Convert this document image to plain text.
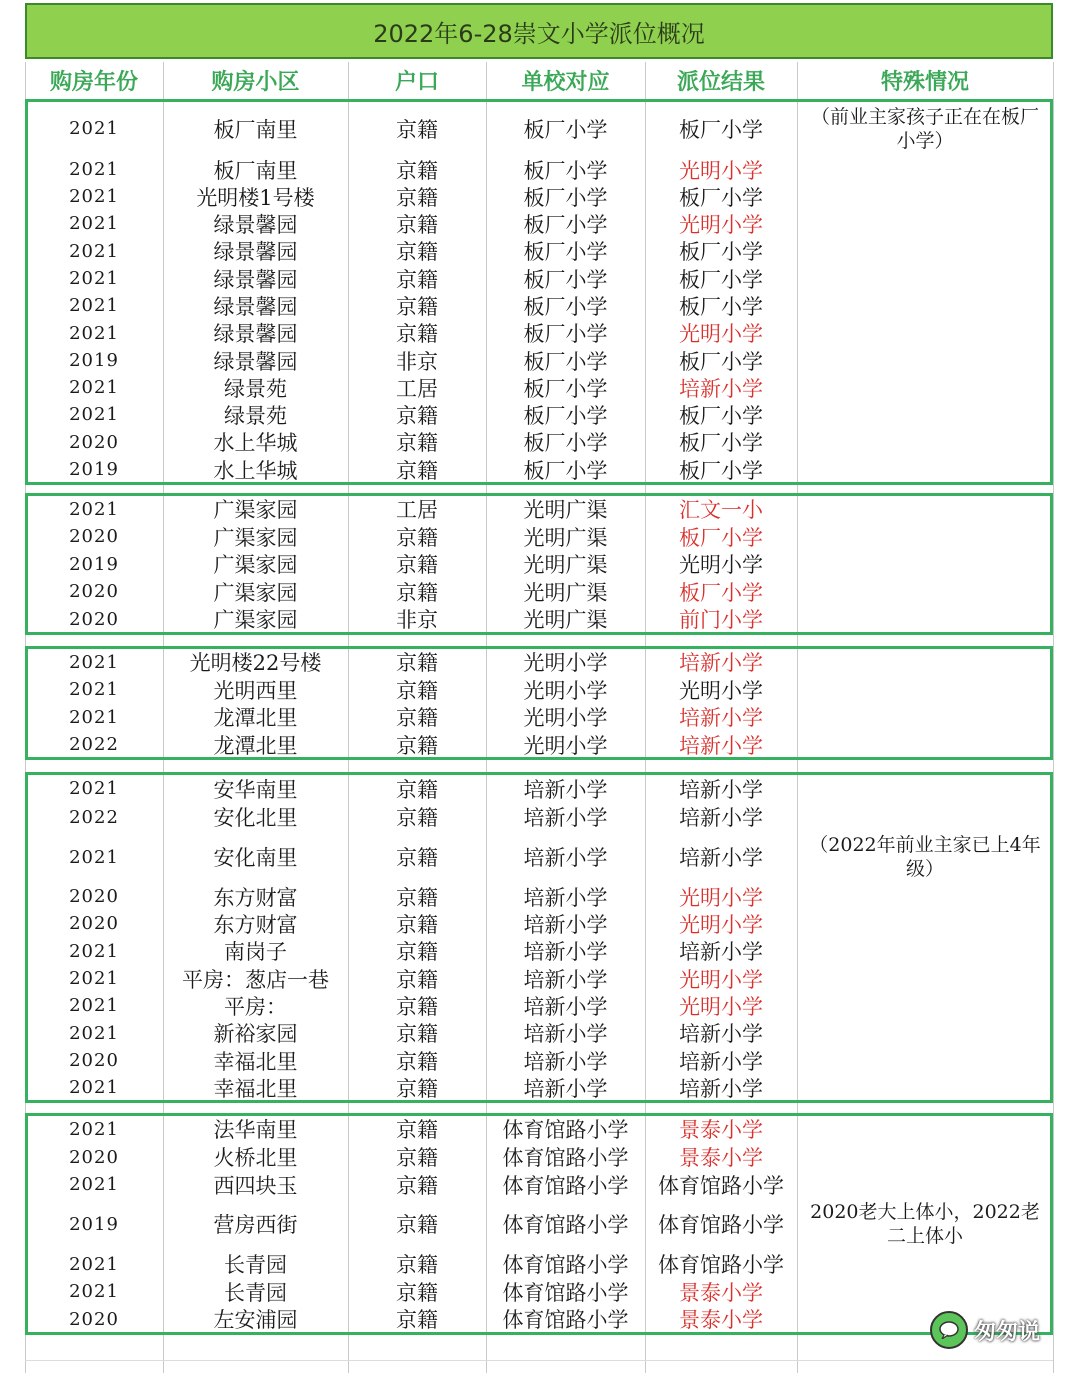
2022年6-28崇文小学派位概况
购房年份	购房小区	户口	单校对应	派位结果	特殊情况
2021	板厂南里	京籍	板厂小学	板厂小学
（前业主家孩子正在在板厂小学）
2021	板厂南里	京籍	板厂小学	光明小学
2021	光明楼1号楼	京籍	板厂小学	板厂小学
2021	绿景馨园	京籍	板厂小学	光明小学
2021	绿景馨园	京籍	板厂小学	板厂小学
2021	绿景馨园	京籍	板厂小学	板厂小学
2021	绿景馨园	京籍	板厂小学	板厂小学
2021	绿景馨园	京籍	板厂小学	光明小学
2019	绿景馨园	非京	板厂小学	板厂小学
2021	绿景苑	工居	板厂小学	培新小学
2021	绿景苑	京籍	板厂小学	板厂小学
2020	水上华城	京籍	板厂小学	板厂小学
2019	水上华城	京籍	板厂小学	板厂小学
2021	广渠家园	工居	光明广渠	汇文一小
2020	广渠家园	京籍	光明广渠	板厂小学
2019	广渠家园	京籍	光明广渠	光明小学
2020	广渠家园	京籍	光明广渠	板厂小学
2020	广渠家园	非京	光明广渠	前门小学
2021	光明楼22号楼	京籍	光明小学	培新小学
2021	光明西里	京籍	光明小学	光明小学
2021	龙潭北里	京籍	光明小学	培新小学
2022	龙潭北里	京籍	光明小学	培新小学
2021	安华南里	京籍	培新小学	培新小学
2022	安化北里	京籍	培新小学	培新小学
2021	安化南里	京籍	培新小学	培新小学
（2022年前业主家已上4年级）
2020	东方财富	京籍	培新小学	光明小学
2020	东方财富	京籍	培新小学	光明小学
2021	南岗子	京籍	培新小学	培新小学
2021	平房：葱店一巷	京籍	培新小学	光明小学
2021	平房：	京籍	培新小学	光明小学
2021	新裕家园	京籍	培新小学	培新小学
2020	幸福北里	京籍	培新小学	培新小学
2021	幸福北里	京籍	培新小学	培新小学
2021	法华南里	京籍	体育馆路小学	景泰小学
2020	火桥北里	京籍	体育馆路小学	景泰小学
2021	西四块玉	京籍	体育馆路小学	体育馆路小学
2019	营房西街	京籍	体育馆路小学	体育馆路小学
2020老大上体小，2022老二上体小
2021	长青园	京籍	体育馆路小学	体育馆路小学
2021	长青园	京籍	体育馆路小学	景泰小学
2020	左安浦园	京籍	体育馆路小学	景泰小学	匆匆说
